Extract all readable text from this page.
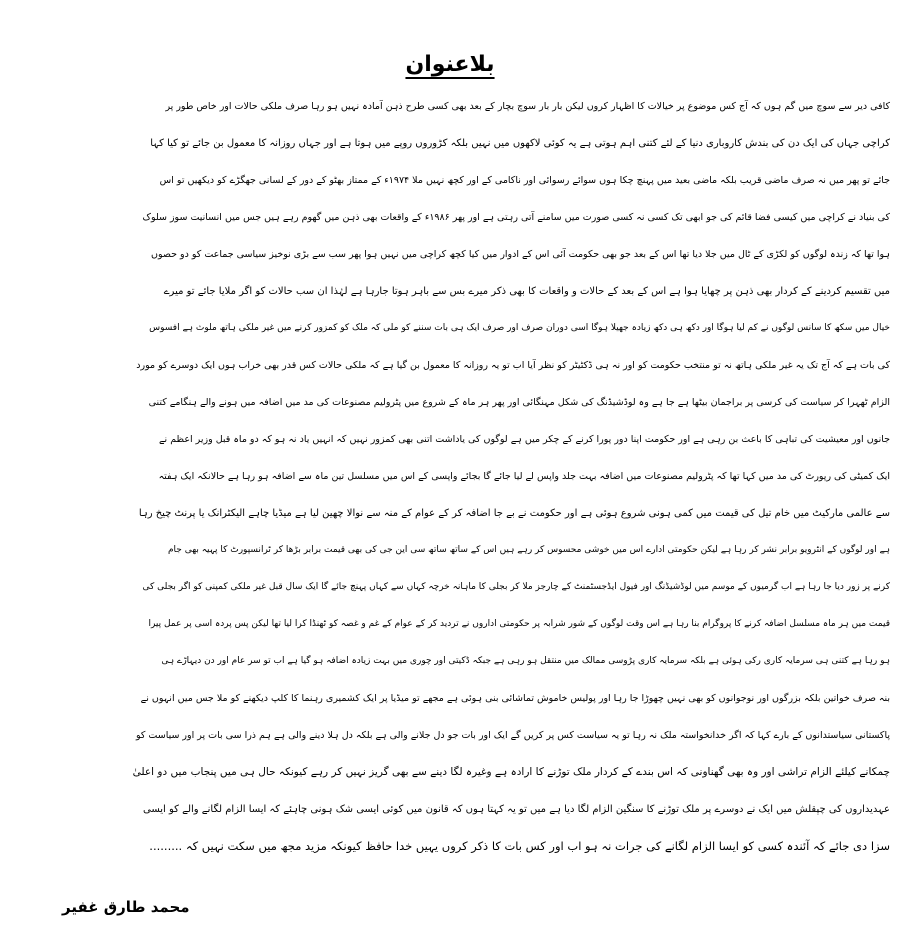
بلاعنوان
کافی دیر سے سوچ میں گم ہوں کہ آج کس موضوع پر خیالات کا اظہار کروں لیکن بار بار سوچ بچار کے بعد بھی کسی طرح ذہن آمادہ نہیں ہو رہا صرف ملکی حالات اور خاص طور پر
کراچی جہاں کی ایک دن کی بندش کاروباری دنیا کے لئے کتنی اہم ہوتی ہے یہ کوئی لاکھوں میں نہیں بلکہ کڑوروں روپے میں ہوتا ہے اور جہاں روزانہ کا معمول بن جائے تو کیا کہا
جائے تو پھر میں نہ صرف ماضی قریب بلکہ ماضی بعید میں پہنچ چکا ہوں سوائے رسوائی اور ناکامی کے اور کچھ نہیں ملا ۱۹۷۴ء کے ممتاز بھٹو کے دور کے لسانی جھگڑے کو دیکھیں تو اس
کی بنیاد نے کراچی میں کیسی فضا قائم کی جو ابھی تک کسی نہ کسی صورت میں سامنے آتی رہتی ہے اور پھر ۱۹۸۶ء کے واقعات بھی ذہن میں گھوم رہے ہیں جس میں انسانیت سوز سلوک
ہوا تھا کہ زندہ لوگوں کو لکڑی کے ٹال میں جلا دیا تھا اس کے بعد جو بھی حکومت آئی اس کے ادوار میں کیا کچھ کراچی میں نہیں ہوا پھر سب سے بڑی نوخیز سیاسی جماعت کو دو حصوں
میں تقسیم کردینے کے کردار بھی ذہن پر چھایا ہوا ہے اس کے بعد کے حالات و واقعات کا بھی ذکر میرے بس سے باہر ہوتا جارہا ہے لہٰذا ان سب حالات کو اگر ملایا جائے تو میرے
خیال میں سکھ کا سانس لوگوں نے کم لیا ہوگا اور دکھ ہی دکھ زیادہ جھیلا ہوگا اسی دوران صرف اور صرف ایک ہی بات سننے کو ملی کہ ملک کو کمزور کرنے میں غیر ملکی ہاتھ ملوث ہے افسوس
کی بات ہے کہ آج تک یہ غیر ملکی ہاتھ نہ تو منتخب حکومت کو اور نہ ہی ڈکٹیٹر کو نظر آیا اب تو یہ روزانہ کا معمول بن گیا ہے کہ ملکی حالات کس قدر بھی خراب ہوں ایک دوسرے کو مورد
الزام ٹھہرا کر سیاست کی کرسی پر براجمان بیٹھا ہے جا ہے وہ لوڈشیڈنگ کی شکل مہنگائی اور پھر ہر ماہ کے شروع میں پٹرولیم مصنوعات کی مد میں اضافہ میں ہونے والے ہنگامے کتنی
جانوں اور معیشیت کی تباہی کا باعث بن رہی ہے اور حکومت اپنا دور پورا کرنے کے چکر میں ہے لوگوں کی یاداشت اتنی بھی کمزور نہیں کہ انہیں یاد نہ ہو کہ دو ماہ قبل وزیر اعظم نے
ایک کمیٹی کی رپورٹ کی مد میں کہا تھا کہ پٹرولیم مصنوعات میں اضافہ بہت جلد واپس لے لیا جائے گا بجائے واپسی کے اس میں مسلسل تین ماہ سے اضافہ ہو رہا ہے حالانکہ ایک ہفتہ
سے عالمی مارکیٹ میں خام تیل کی قیمت میں کمی ہونی شروع ہوئی ہے اور حکومت نے بے جا اضافہ کر کے عوام کے منہ سے نوالا چھین لیا ہے میڈیا چاہے الیکٹرانک یا پرنٹ چیخ رہا
ہے اور لوگوں کے انٹرویو برابر نشر کر رہا ہے لیکن حکومتی ادارے اس میں خوشی محسوس کر رہے ہیں اس کے ساتھ ساتھ سی این جی کی بھی قیمت برابر بڑھا کر ٹرانسپورٹ کا پہیہ بھی جام
کرنے پر زور دیا جا رہا ہے اب گرمیوں کے موسم میں لوڈشیڈنگ اور فیول ایڈجسٹمنٹ کے چارجز ملا کر بجلی کا ماہانہ خرچہ کہاں سے کہاں پہنچ جائے گا ایک سال قبل غیر ملکی کمپنی کو اگر بجلی کی
قیمت میں ہر ماہ مسلسل اضافہ کرنے کا پروگرام بنا رہا ہے اس وقت لوگوں کے شور شرابہ پر حکومتی اداروں نے تردید کر کے عوام کے غم و غصہ کو ٹھنڈا کرا لیا تھا لیکن پس پردہ اسی پر عمل پیرا
ہو رہا ہے کتنی ہی سرمایہ کاری رکی ہوئی ہے بلکہ سرمایہ کاری پڑوسی ممالک میں منتقل ہو رہی ہے جبکہ ڈکیتی اور چوری میں بہت زیادہ اضافہ ہو گیا ہے اب تو سر عام اور دن دیہاڑے ہی
بنہ صرف خواتین بلکہ بزرگوں اور نوجوانوں کو بھی نہیں چھوڑا جا رہا اور پولیس خاموش تماشائی بنی ہوئی ہے مجھے تو میڈیا پر ایک کشمیری رہنما کا کلپ دیکھنے کو ملا جس میں انہوں نے
پاکستانی سیاستدانوں کے بارے کہا کہ اگر خدانخواستہ ملک نہ رہا تو یہ سیاست کس پر کریں گے ایک اور بات جو دل جلانے والی ہے بلکہ دل ہلا دینے والی ہے ہم ذرا سی بات پر اور سیاست کو
چمکانے کیلئے الزام تراشی اور وہ بھی گھناونی کہ اس بندے کے کردار ملک توڑنے کا ارادہ ہے وغیرہ لگا دینے سے بھی گریز نہیں کر رہے کیونکہ حال ہی میں پنجاب میں دو اعلیٰ
عہدیداروں کی چپقلش میں ایک نے دوسرے پر ملک توڑنے کا سنگین الزام لگا دیا ہے میں تو یہ کہتا ہوں کہ قانون میں کوئی ایسی شک ہونی چاہئے کہ ایسا الزام لگانے والے کو ایسی
سزا دی جائے کہ آئندہ کسی کو ایسا الزام لگانے کی جرات نہ ہو اب اور کس بات کا ذکر کروں یہیں خدا حافظ کیونکہ مزید مجھ میں سکت نہیں کہ .........
محمد طارق غفیر
